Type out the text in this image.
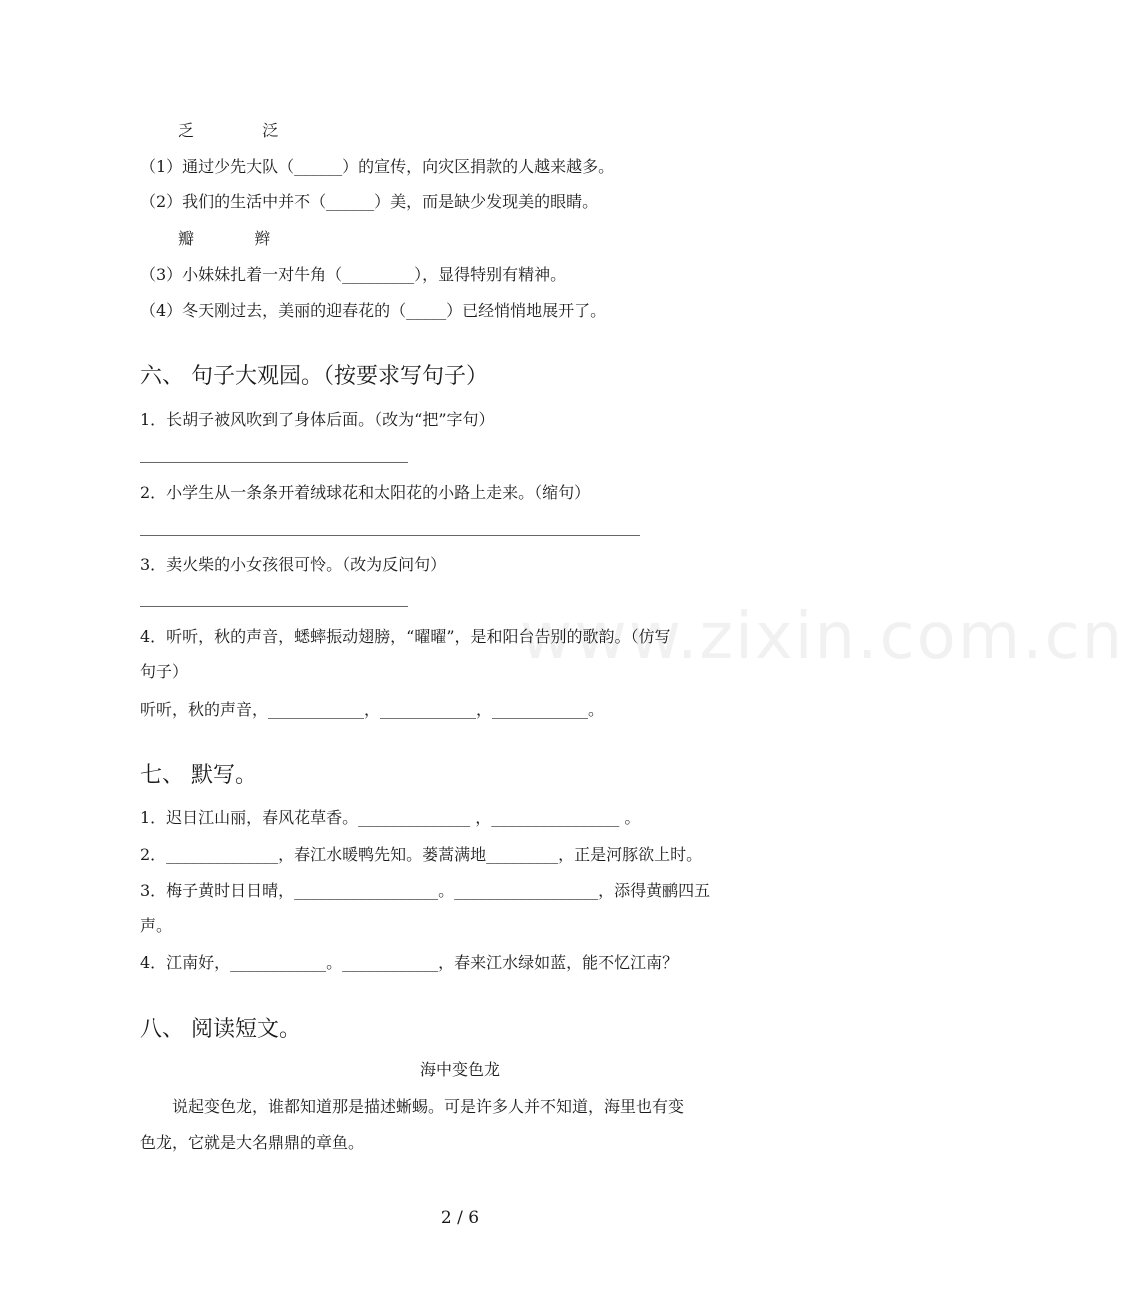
www.zixin.com.cn
乏	泛
（1）通过少先大队（______）的宣传，向灾区捐款的人越来越多。
（2）我们的生活中并不（______）美，而是缺少发现美的眼睛。
瓣	辫
（3）小妹妹扎着一对牛角（_________），显得特别有精神。
（4）冬天刚过去，美丽的迎春花的（_____）已经悄悄地展开了。
六、 句子大观园。（按要求写句子）
1．长胡子被风吹到了身体后面。（改为“把”字句）
2．小学生从一条条开着绒球花和太阳花的小路上走来。（缩句）
3．卖火柴的小女孩很可怜。（改为反问句）
4．听听，秋的声音，蟋蟀振动翅膀，“曜曜”，是和阳台告别的歌韵。（仿写
句子）
听听，秋的声音，____________，____________，____________。
七、 默写。
1．迟日江山丽，春风花草香。______________ ，________________ 。
2．______________，春江水暖鸭先知。蒌蒿满地_________，正是河豚欲上时。
3．梅子黄时日日晴，__________________。__________________，添得黄鹂四五
声。
4．江南好，____________。____________，春来江水绿如蓝，能不忆江南？
八、 阅读短文。
海中变色龙
说起变色龙，谁都知道那是描述蜥蜴。可是许多人并不知道，海里也有变
色龙，它就是大名鼎鼎的章鱼。
2 / 6
